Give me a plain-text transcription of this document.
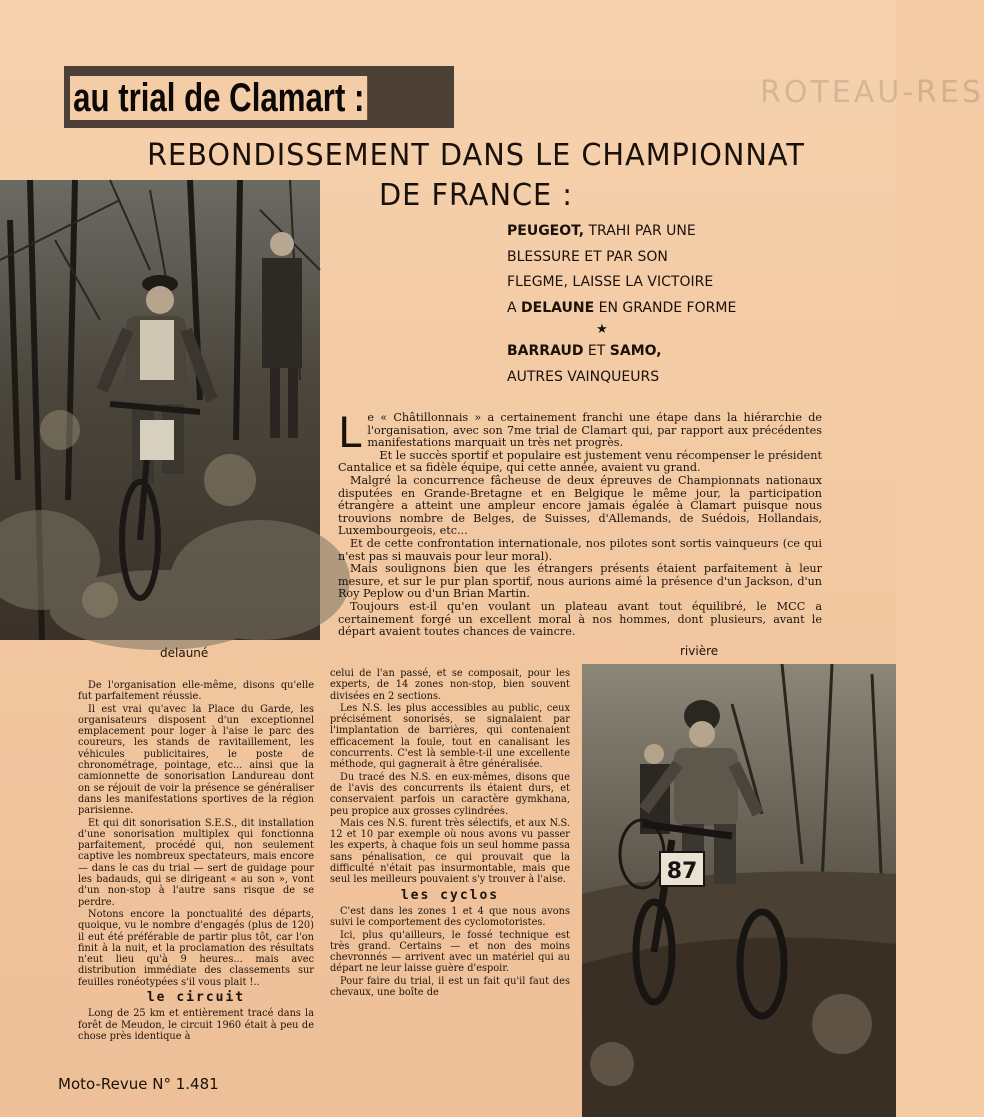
ROTEAU-RES
au trial de Clamart :
REBONDISSEMENT DANS LE CHAMPIONNAT DE FRANCE :
PEUGEOT, TRAHI PAR UNE
BLESSURE ET PAR SON
FLEGME, LAISSE LA VICTOIRE
A DELAUNE EN GRANDE FORME
★
BARRAUD ET SAMO,
AUTRES VAINQUEURS

Le « Châtillonnais » a certainement franchi une étape dans la hiérarchie de l'organisation, avec son 7me trial de Clamart qui, par rapport aux précédentes manifestations marquait un très net progrès.

Et le succès sportif et populaire est justement venu récompenser le président Cantalice et sa fidèle équipe, qui cette année, avaient vu grand.

Malgré la concurrence fâcheuse de deux épreuves de Championnats nationaux disputées en Grande-Bretagne et en Belgique le même jour, la participation étrangère a atteint une ampleur encore jamais égalée à Clamart puisque nous trouvions nombre de Belges, de Suisses, d'Allemands, de Suédois, Hollandais, Luxembourgeois, etc...

Et de cette confrontation internationale, nos pilotes sont sortis vainqueurs (ce qui n'est pas si mauvais pour leur moral).

Mais soulignons bien que les étrangers présents étaient parfaitement à leur mesure, et sur le pur plan sportif, nous aurions aimé la présence d'un Jackson, d'un Roy Peplow ou d'un Brian Martin.

Toujours est-il qu'en voulant un plateau avant tout équilibré, le MCC a certainement forgé un excellent moral à nos hommes, dont plusieurs, avant le départ avaient toutes chances de vaincre.

delauné	rivière

De l'organisation elle-même, disons qu'elle fut parfaitement réussie.

Il est vrai qu'avec la Place du Garde, les organisateurs disposent d'un exceptionnel emplacement pour loger à l'aise le parc des coureurs, les stands de ravitaillement, les véhicules publicitaires, le poste de chronométrage, pointage, etc... ainsi que la camionnette de sonorisation Landureau dont on se réjouit de voir la présence se généraliser dans les manifestations sportives de la région parisienne.

Et qui dit sonorisation S.E.S., dit installation d'une sonorisation multiplex qui fonctionna parfaitement, procédé qui, non seulement captive les nombreux spectateurs, mais encore — dans le cas du trial — sert de guidage pour les badauds, qui se dirigeant « au son », vont d'un non-stop à l'autre sans risque de se perdre.

Notons encore la ponctualité des départs, quoique, vu le nombre d'engagés (plus de 120) il eut été préférable de partir plus tôt, car l'on finit à la nuit, et la proclamation des résultats n'eut lieu qu'à 9 heures... mais avec distribution immédiate des classements sur feuilles ronéotypées s'il vous plait !..

le circuit

Long de 25 km et entièrement tracé dans la forêt de Meudon, le circuit 1960 était à peu de chose près identique à

celui de l'an passé, et se composait, pour les experts, de 14 zones non-stop, bien souvent divisées en 2 sections.

Les N.S. les plus accessibles au public, ceux précisément sonorisés, se signalaient par l'implantation de barrières, qui contenaient efficacement la foule, tout en canalisant les concurrents. C'est là semble-t-il une excellente méthode, qui gagnerait à être généralisée.

Du tracé des N.S. en eux-mêmes, disons que de l'avis des concurrents ils étaient durs, et conservaient parfois un caractère gymkhana, peu propice aux grosses cylindrées.

Mais ces N.S. furent très sélectifs, et aux N.S. 12 et 10 par exemple où nous avons vu passer les experts, à chaque fois un seul homme passa sans pénalisation, ce qui prouvait que la difficulté n'était pas insurmontable, mais que seul les meilleurs pouvaient s'y trouver à l'aise.

les cyclos

C'est dans les zones 1 et 4 que nous avons suivi le comportement des cyclomotoristes.

Ici, plus qu'ailleurs, le fossé technique est très grand. Certains — et non des moins chevronnés — arrivent avec un matériel qui au départ ne leur laisse guère d'espoir.

Pour faire du trial, il est un fait qu'il faut des chevaux, une boîte de

87
Moto-Revue N° 1.481
